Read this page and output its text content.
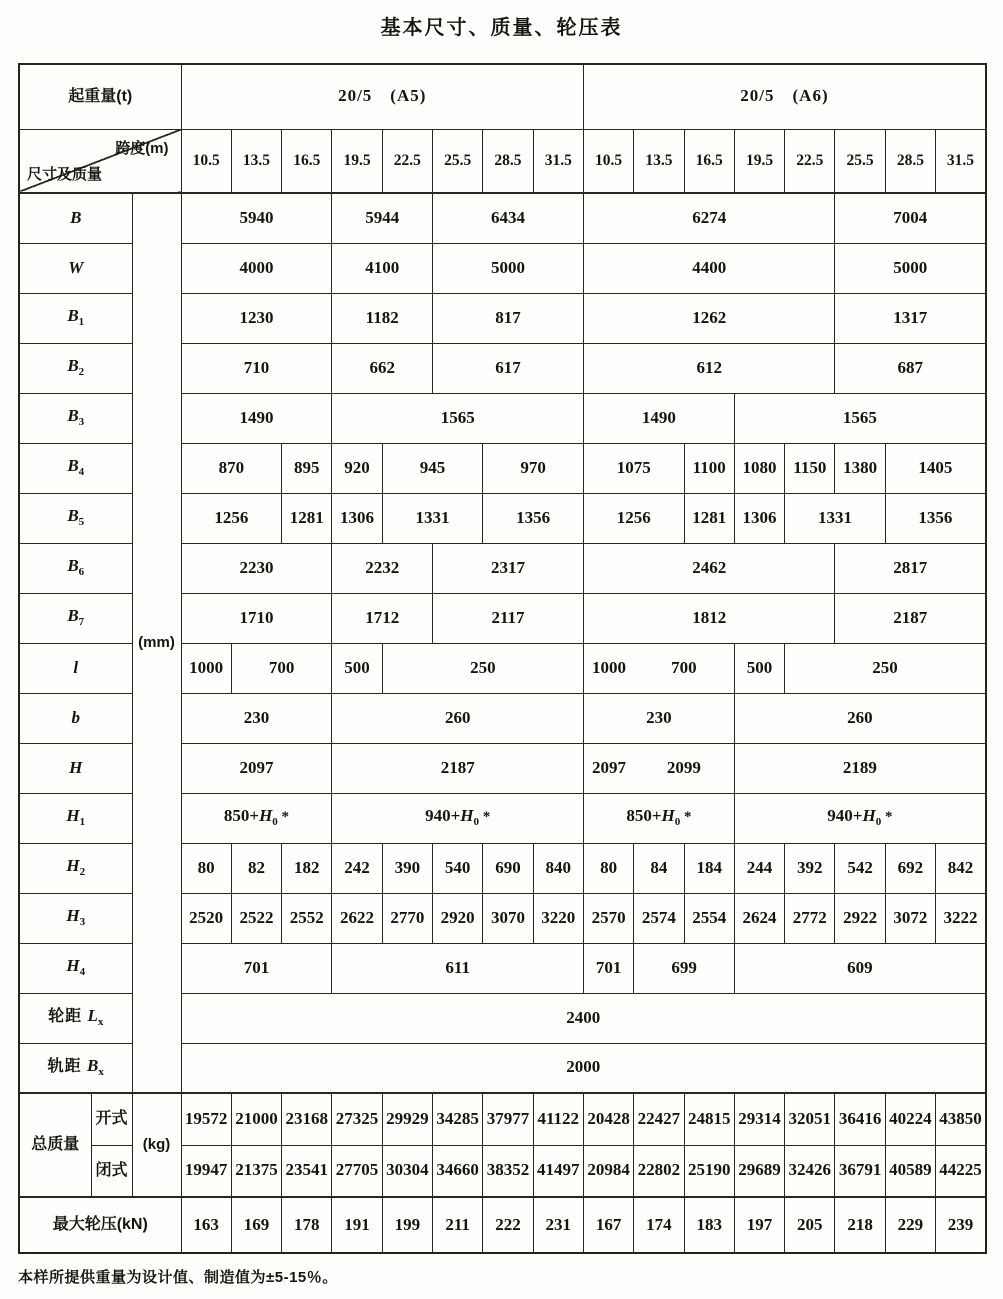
基本尺寸、质量、轮压表
起重量(t)			20/5　(A5)								20/5　(A6)							

跨度(m)
尺寸及质量			10.5	13.5	16.5	19.5	22.5	25.5	28.5	31.5	10.5	13.5	16.5	19.5	22.5	25.5	28.5	31.5
B		(mm)	5940			5944		6434			6274					7004		
W			4000			4100		5000			4400					5000		
$B_1$			1230			1182		817			1262					1317		
$B_2$			710			662		617			612					687		
$B_3$			1490			1565					1490			1565				
$B_4$			870		895	920	945		970		1075		1100	1080	1150	1380	1405	
$B_5$			1256		1281	1306	1331		1356		1256		1281	1306	1331		1356	
$B_6$			2230			2232		2317			2462					2817		
$B_7$			1710			1712		2117			1812					2187		
l			1000	700		500	250				1000 700			500	250			
b			230			260					230			260				
H			2097			2187					2097 2099			2189				
$H_1$			$850+H_0$ *			$940+H_0$ *					$850+H_0$ *			$940+H_0$ *				
$H_2$			80	82	182	242	390	540	690	840	80	84	184	244	392	542	692	842
$H_3$			2520	2522	2552	2622	2770	2920	3070	3220	2570	2574	2554	2624	2772	2922	3072	3222
$H_4$			701			611					701	699		609				
轮距 $L_x$			2400															
轨距 $B_x$			2000															
总质量	开式	(kg)	19572	21000	23168	27325	29929	34285	37977	41122	20428	22427	24815	29314	32051	36416	40224	43850
	闭式		19947	21375	23541	27705	30304	34660	38352	41497	20984	22802	25190	29689	32426	36791	40589	44225
最大轮压(kN)			163	169	178	191	199	211	222	231	167	174	183	197	205	218	229	239
本样所提供重量为设计值、制造值为±5-15％。
